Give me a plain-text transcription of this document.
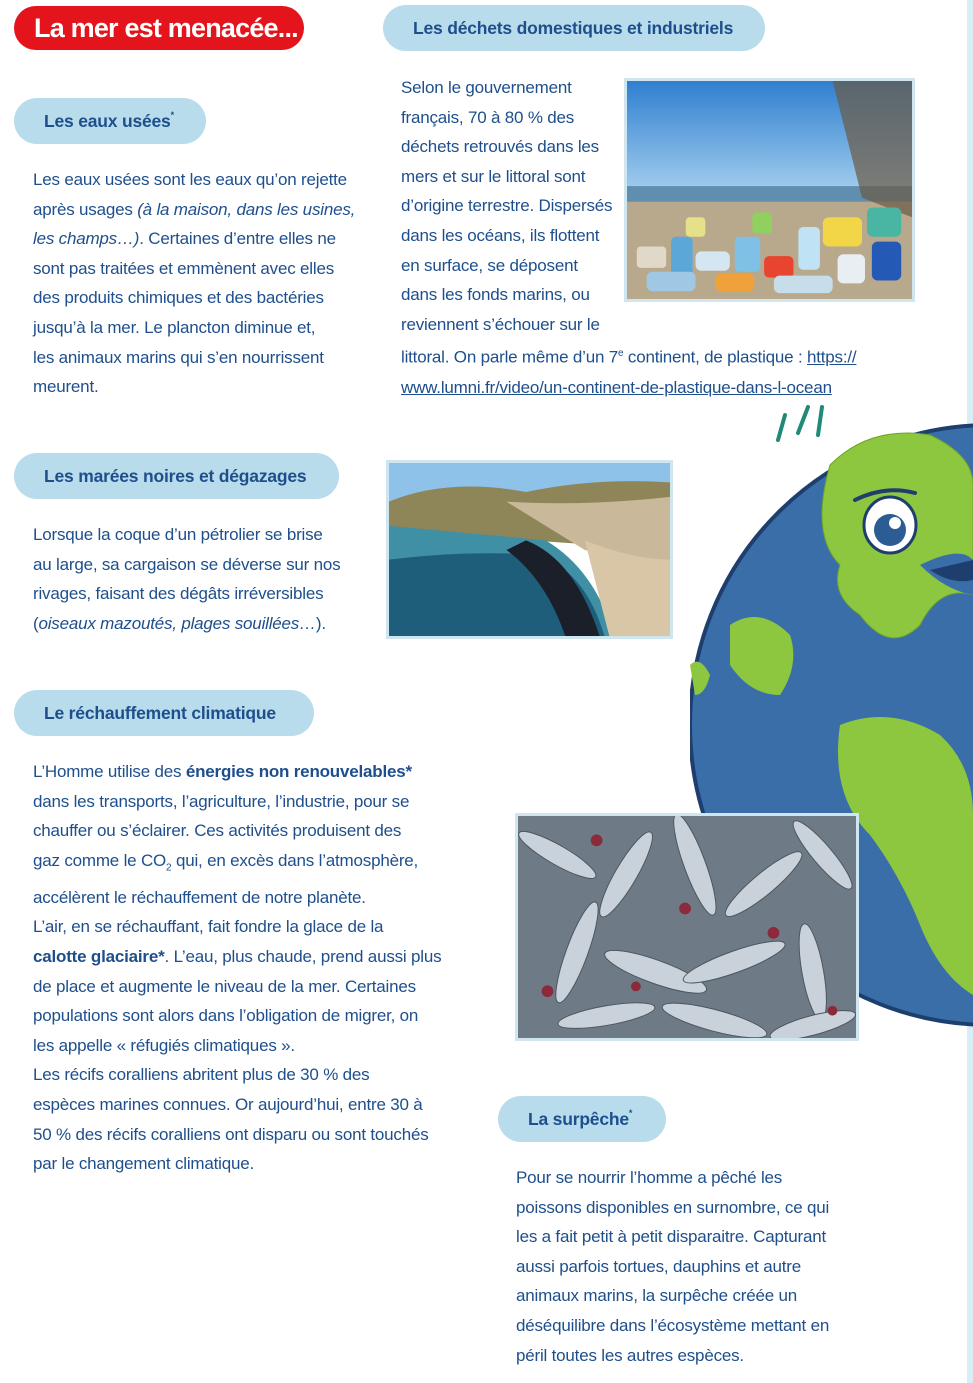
La mer est menacée...
Les eaux usées*
Les eaux usées sont les eaux qu’on rejette
après usages (à la maison, dans les usines,
les champs…). Certaines d’entre elles ne
sont pas traitées et emmènent avec elles
des produits chimiques et des bactéries
jusqu’à la mer. Le plancton diminue et,
les animaux marins qui s’en nourrissent
meurent.
Les déchets domestiques et industriels
Selon le gouvernement
français, 70 à 80 % des
déchets retrouvés dans les
mers et sur le littoral sont
d’origine terrestre. Dispersés
dans les océans, ils flottent
en surface, se déposent
dans les fonds marins, ou
reviennent s’échouer sur le
littoral. On parle même d’un 7e continent, de plastique : https://
www.lumni.fr/video/un-continent-de-plastique-dans-l-ocean
Les marées noires et dégazages
Lorsque la coque d’un pétrolier se brise
au large, sa cargaison se déverse sur nos
rivages, faisant des dégâts irréversibles
(oiseaux mazoutés, plages souillées…).
Le réchauffement climatique
L’Homme utilise des énergies non renouvelables*
dans les transports, l’agriculture, l’industrie, pour se
chauffer ou s’éclairer. Ces activités produisent des
gaz comme le $CO_2$ qui, en excès dans l’atmosphère,
accélèrent le réchauffement de notre planète.
L’air, en se réchauffant, fait fondre la glace de la
calotte glaciaire*. L’eau, plus chaude, prend aussi plus
de place et augmente le niveau de la mer. Certaines
populations sont alors dans l’obligation de migrer, on
les appelle « réfugiés climatiques ».
Les récifs coralliens abritent plus de 30 % des
espèces marines connues. Or aujourd’hui, entre 30 à
50 % des récifs coralliens ont disparu ou sont touchés
par le changement climatique.
La surpêche*
Pour se nourrir l’homme a pêché les
poissons disponibles en surnombre, ce qui
les a fait petit à petit disparaitre. Capturant
aussi parfois tortues, dauphins et autre
animaux marins, la surpêche créée un
déséquilibre dans l’écosystème mettant en
péril toutes les autres espèces.
